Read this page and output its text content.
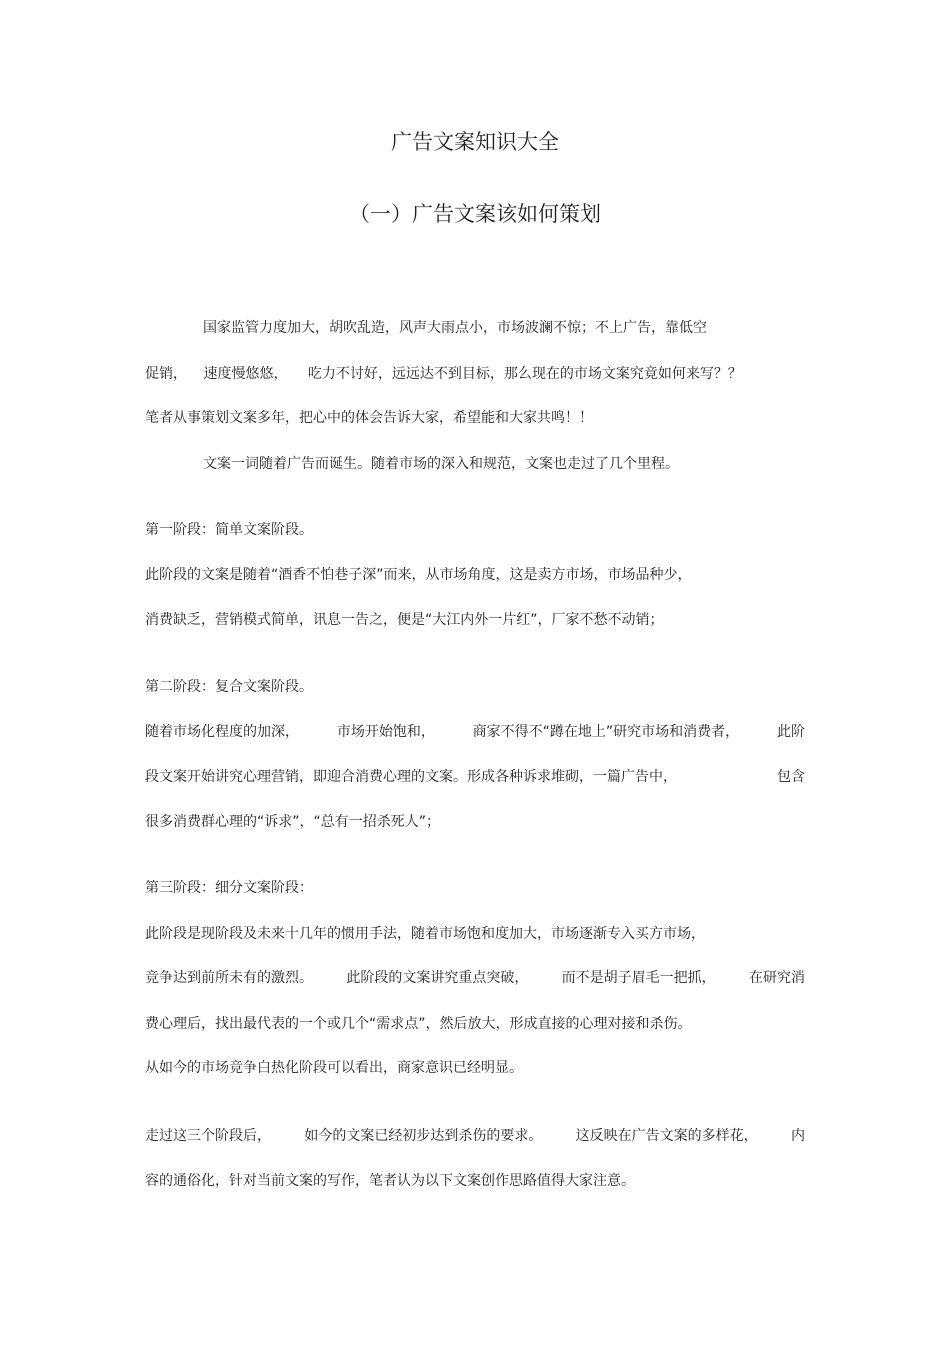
广告文案知识大全
（一）广告文案该如何策划
国家监管力度加大，胡吹乱造，风声大雨点小，市场波澜不惊；不上广告，靠低空
促销， 速度慢悠悠， 吃力不讨好，远远达不到目标，那么现在的市场文案究竟如何来写？？
笔者从事策划文案多年，把心中的体会告诉大家，希望能和大家共鸣！！
文案一词随着广告而诞生。随着市场的深入和规范，文案也走过了几个里程。
第一阶段：简单文案阶段。
此阶段的文案是随着“酒香不怕巷子深”而来，从市场角度，这是卖方市场，市场品种少，
消费缺乏，营销模式简单，讯息一告之，便是“大江内外一片红”，厂家不愁不动销；
第二阶段：复合文案阶段。
随着市场化程度的加深，	市场开始饱和，	商家不得不“蹲在地上”研究市场和消费者，	此阶
段文案开始讲究心理营销，即迎合消费心理的文案。形成各种诉求堆砌，一篇广告中，	包含
很多消费群心理的“诉求”，“总有一招杀死人”；
第三阶段：细分文案阶段：
此阶段是现阶段及未来十几年的惯用手法，随着市场饱和度加大，市场逐渐专入买方市场，
竞争达到前所未有的激烈。 此阶段的文案讲究重点突破， 而不是胡子眉毛一把抓， 在研究消
费心理后，找出最代表的一个或几个“需求点”，然后放大，形成直接的心理对接和杀伤。
从如今的市场竞争白热化阶段可以看出，商家意识已经明显。
走过这三个阶段后， 如今的文案已经初步达到杀伤的要求。 这反映在广告文案的多样花， 内
容的通俗化，针对当前文案的写作，笔者认为以下文案创作思路值得大家注意。
